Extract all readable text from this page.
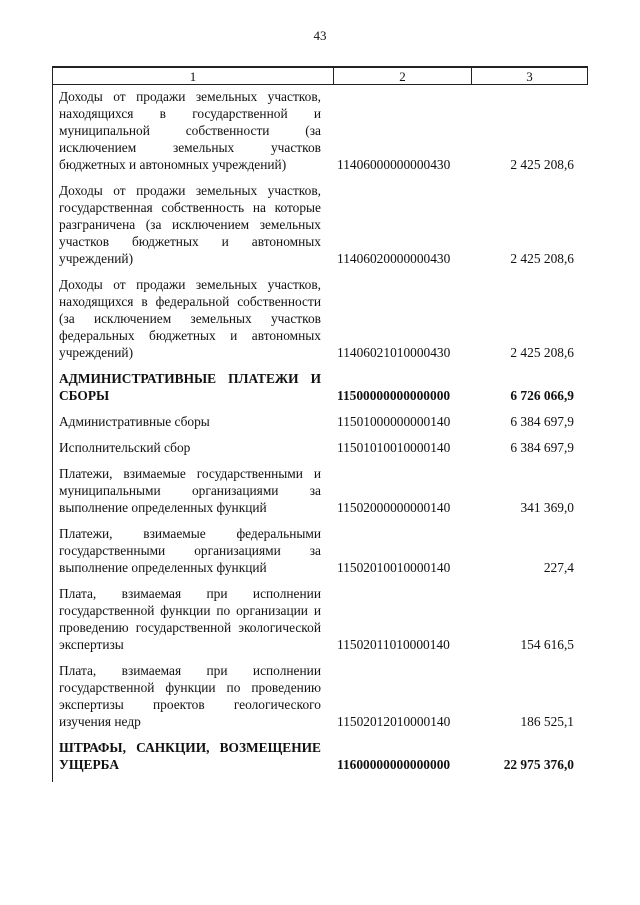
43
1	2	3
Доходы от продажи земельных участков, находящихся в государственной и муниципальной собственности (за исключением земельных участков бюджетных и автономных учреждений)	11406000000000430	2 425 208,6
Доходы от продажи земельных участков, государственная собственность на которые разграничена (за исключением земельных участков бюджетных и автономных учреждений)	11406020000000430	2 425 208,6
Доходы от продажи земельных участков, находящихся в федеральной собственности (за исключением земельных участков федеральных бюджетных и автономных учреждений)	11406021010000430	2 425 208,6
АДМИНИСТРАТИВНЫЕ ПЛАТЕЖИ И СБОРЫ	11500000000000000	6 726 066,9
Административные сборы	11501000000000140	6 384 697,9
Исполнительский сбор	11501010010000140	6 384 697,9
Платежи, взимаемые государственными и муниципальными организациями за выполнение определенных функций	11502000000000140	341 369,0
Платежи, взимаемые федеральными государственными организациями за выполнение определенных функций	11502010010000140	227,4
Плата, взимаемая при исполнении государственной функции по организации и проведению государственной экологической экспертизы	11502011010000140	154 616,5
Плата, взимаемая при исполнении государственной функции по проведению экспертизы проектов геологического изучения недр	11502012010000140	186 525,1
ШТРАФЫ, САНКЦИИ, ВОЗМЕЩЕНИЕ УЩЕРБА	11600000000000000	22 975 376,0
